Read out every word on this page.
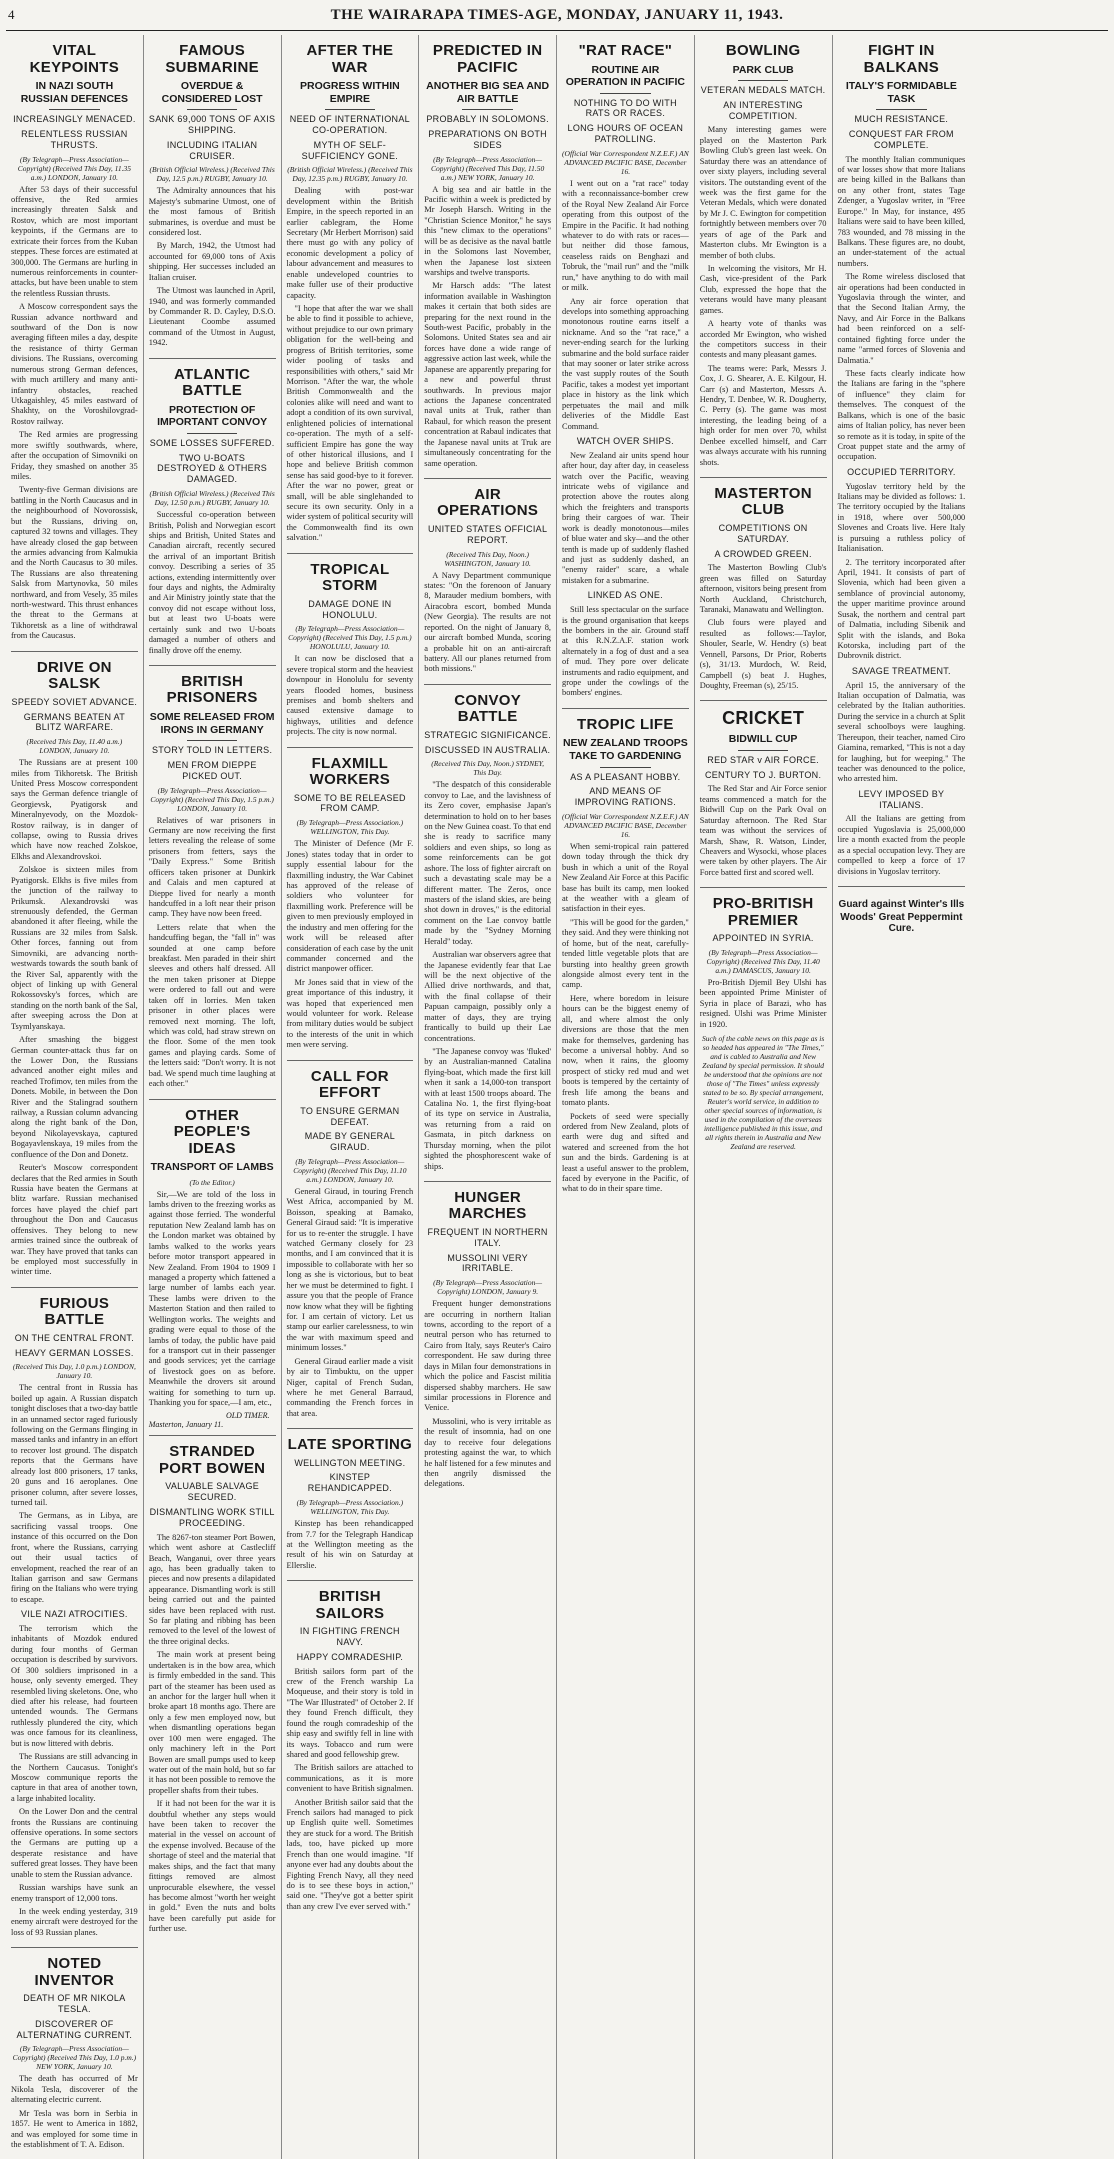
4	THE WAIRARAPA TIMES-AGE, MONDAY, JANUARY 11, 1943.
VITAL KEYPOINTS
IN NAZI SOUTH RUSSIAN DEFENCES
INCREASINGLY MENACED.
RELENTLESS RUSSIAN THRUSTS.
(By Telegraph—Press Association—Copyright) (Received This Day, 11.35 a.m.) LONDON, January 10.

After 53 days of their successful offensive, the Red armies increasingly threaten Salsk and Rostov, which are most important keypoints, if the Germans are to extricate their forces from the Kuban steppes. These forces are estimated at 300,000. The Germans are hurling in numerous reinforcements in counter-attacks, but have been unable to stem the relentless Russian thrusts.

A Moscow correspondent says the Russian advance northward and southward of the Don is now averaging fifteen miles a day, despite the resistance of thirty German divisions. The Russians, overcoming numerous strong German defences, with much artillery and many anti-infantry obstacles, reached Utkagaishley, 45 miles eastward of Shakhty, on the Voroshilovgrad-Rostov railway.

The Red armies are progressing more swiftly southwards, where, after the occupation of Simovniki on Friday, they smashed on another 35 miles.

Twenty-five German divisions are battling in the North Caucasus and in the neighbourhood of Novorossisk, but the Russians, driving on, captured 32 towns and villages. They have already closed the gap between the armies advancing from Kalmukia and the North Caucasus to 30 miles. The Russians are also threatening Salsk from Martynovka, 50 miles northward, and from Vesely, 35 miles north-westward. This thrust enhances the threat to the Germans at Tikhoretsk as a line of withdrawal from the Caucasus.

DRIVE ON SALSK
SPEEDY SOVIET ADVANCE.
GERMANS BEATEN AT BLITZ WARFARE.
(Received This Day, 11.40 a.m.) LONDON, January 10.

The Russians are at present 100 miles from Tikhoretsk. The British United Press Moscow correspondent says the German defence triangle of Georgievsk, Pyatigorsk and Mineralnyevody, on the Mozdok-Rostov railway, is in danger of collapse, owing to Russia drives which have now reached Zolskoe, Elkhs and Alexandrovskoi.

Zolskoe is sixteen miles from Pyatigorsk. Elkhs is five miles from the junction of the railway to Prikumsk. Alexandrovski was strenuously defended, the German abandoned it after fleeing, while the Russians are 32 miles from Salsk. Other forces, fanning out from Simovniki, are advancing north-westwards towards the south bank of the River Sal, apparently with the object of linking up with General Rokossovsky's forces, which are standing on the north bank of the Sal, after sweeping across the Don at Tsymlyanskaya.

After smashing the biggest German counter-attack thus far on the Lower Don, the Russians advanced another eight miles and reached Trofimov, ten miles from the Donets. Mobile, in between the Don River and the Stalingrad southern railway, a Russian column advancing along the right bank of the Don, beyond Nikolayevskaya, captured Bogayavlenskaya, 19 miles from the confluence of the Don and Donetz.

Reuter's Moscow correspondent declares that the Red armies in South Russia have beaten the Germans at blitz warfare. Russian mechanised forces have played the chief part throughout the Don and Caucasus offensives. They belong to new armies trained since the outbreak of war. They have proved that tanks can be employed most successfully in winter time.

FURIOUS BATTLE
ON THE CENTRAL FRONT.
HEAVY GERMAN LOSSES.
(Received This Day, 1.0 p.m.) LONDON, January 10.

The central front in Russia has boiled up again. A Russian dispatch tonight discloses that a two-day battle in an unnamed sector raged furiously following on the Germans flinging in massed tanks and infantry in an effort to recover lost ground. The dispatch reports that the Germans have already lost 800 prisoners, 17 tanks, 20 guns and 16 aeroplanes. One prisoner column, after severe losses, turned tail.

The Germans, as in Libya, are sacrificing vassal troops. One instance of this occurred on the Don front, where the Russians, carrying out their usual tactics of envelopment, reached the rear of an Italian garrison and saw Germans firing on the Italians who were trying to escape.

VILE NAZI ATROCITIES.

The terrorism which the inhabitants of Mozdok endured during four months of German occupation is described by survivors. Of 300 soldiers imprisoned in a house, only seventy emerged. They resembled living skeletons. One, who died after his release, had fourteen untended wounds. The Germans ruthlessly plundered the city, which was once famous for its cleanliness, but is now littered with debris.

The Russians are still advancing in the Northern Caucasus. Tonight's Moscow communique reports the capture in that area of another town, a large inhabited locality.

On the Lower Don and the central fronts the Russians are continuing offensive operations. In some sectors the Germans are putting up a desperate resistance and have suffered great losses. They have been unable to stem the Russian advance.

Russian warships have sunk an enemy transport of 12,000 tons.

In the week ending yesterday, 319 enemy aircraft were destroyed for the loss of 93 Russian planes.

NOTED INVENTOR
DEATH OF MR NIKOLA TESLA.
DISCOVERER OF ALTERNATING CURRENT.
(By Telegraph—Press Association—Copyright) (Received This Day, 1.0 p.m.) NEW YORK, January 10.

The death has occurred of Mr Nikola Tesla, discoverer of the alternating electric current.

Mr Tesla was born in Serbia in 1857. He went to America in 1882, and was employed for some time in the establishment of T. A. Edison.

FAMOUS SUBMARINE
OVERDUE & CONSIDERED LOST
SANK 69,000 TONS OF AXIS SHIPPING.
INCLUDING ITALIAN CRUISER.
(British Official Wireless.) (Received This Day, 12.5 p.m.) RUGBY, January 10.

The Admiralty announces that his Majesty's submarine Utmost, one of the most famous of British submarines, is overdue and must be considered lost.

By March, 1942, the Utmost had accounted for 69,000 tons of Axis shipping. Her successes included an Italian cruiser.

The Utmost was launched in April, 1940, and was formerly commanded by Commander R. D. Cayley, D.S.O. Lieutenant Coombe assumed command of the Utmost in August, 1942.

ATLANTIC BATTLE
PROTECTION OF IMPORTANT CONVOY
SOME LOSSES SUFFERED.
TWO U-BOATS DESTROYED & OTHERS DAMAGED.
(British Official Wireless.) (Received This Day, 12.50 p.m.) RUGBY, January 10.

Successful co-operation between British, Polish and Norwegian escort ships and British, United States and Canadian aircraft, recently secured the arrival of an important British convoy. Describing a series of 35 actions, extending intermittently over four days and nights, the Admiralty and Air Ministry jointly state that the convoy did not escape without loss, but at least two U-boats were certainly sunk and two U-boats damaged a number of others and finally drove off the enemy.

BRITISH PRISONERS
SOME RELEASED FROM IRONS IN GERMANY
STORY TOLD IN LETTERS.
MEN FROM DIEPPE PICKED OUT.
(By Telegraph—Press Association—Copyright) (Received This Day, 1.5 p.m.) LONDON, January 10.

Relatives of war prisoners in Germany are now receiving the first letters revealing the release of some prisoners from fetters, says the "Daily Express." Some British officers taken prisoner at Dunkirk and Calais and men captured at Dieppe lived for nearly a month handcuffed in a loft near their prison camp. They have now been freed.

Letters relate that when the handcuffing began, the "fall in" was sounded at one camp before breakfast. Men paraded in their shirt sleeves and others half dressed. All the men taken prisoner at Dieppe were ordered to fall out and were taken off in lorries. Men taken prisoner in other places were removed next morning. The loft, which was cold, had straw strewn on the floor. Some of the men took games and playing cards. Some of the letters said: "Don't worry. It is not bad. We spend much time laughing at each other."

OTHER PEOPLE'S IDEAS
TRANSPORT OF LAMBS
(To the Editor.)

Sir,—We are told of the loss in lambs driven to the freezing works as against those ferried. The wonderful reputation New Zealand lamb has on the London market was obtained by lambs walked to the works years before motor transport appeared in New Zealand. From 1904 to 1909 I managed a property which fattened a large number of lambs each year. These lambs were driven to the Masterton Station and then railed to Wellington works. The weights and grading were equal to those of the lambs of today, the public have paid for a transport cut in their passenger and goods services; yet the carriage of livestock goes on as before. Meanwhile the drovers sit around waiting for something to turn up. Thanking you for space,—I am, etc.,

OLD TIMER.
Masterton, January 11.
STRANDED PORT BOWEN
VALUABLE SALVAGE SECURED.
DISMANTLING WORK STILL PROCEEDING.

The 8267-ton steamer Port Bowen, which went ashore at Castlecliff Beach, Wanganui, over three years ago, has been gradually taken to pieces and now presents a dilapidated appearance. Dismantling work is still being carried out and the painted sides have been replaced with rust. So far plating and ribbing has been removed to the level of the lowest of the three original decks.

The main work at present being undertaken is in the bow area, which is firmly embedded in the sand. This part of the steamer has been used as an anchor for the larger hull when it broke apart 18 months ago. There are only a few men employed now, but when dismantling operations began over 100 men were engaged. The only machinery left in the Port Bowen are small pumps used to keep water out of the main hold, but so far it has not been possible to remove the propeller shafts from their tubes.

If it had not been for the war it is doubtful whether any steps would have been taken to recover the material in the vessel on account of the expense involved. Because of the shortage of steel and the material that makes ships, and the fact that many fittings removed are almost unprocurable elsewhere, the vessel has become almost "worth her weight in gold." Even the nuts and bolts have been carefully put aside for further use.

AFTER THE WAR
PROGRESS WITHIN EMPIRE
NEED OF INTERNATIONAL CO-OPERATION.
MYTH OF SELF-SUFFICIENCY GONE.
(British Official Wireless.) (Received This Day, 12.35 p.m.) RUGBY, January 10.

Dealing with post-war development within the British Empire, in the speech reported in an earlier cablegram, the Home Secretary (Mr Herbert Morrison) said there must go with any policy of economic development a policy of labour advancement and measures to enable undeveloped countries to make fuller use of their productive capacity.

"I hope that after the war we shall be able to find it possible to achieve, without prejudice to our own primary obligation for the well-being and progress of British territories, some wider pooling of tasks and responsibilities with others," said Mr Morrison. "After the war, the whole British Commonwealth and the colonies alike will need and want to adopt a condition of its own survival, enlightened policies of international co-operation. The myth of a self-sufficient Empire has gone the way of other historical illusions, and I hope and believe British common sense has said good-bye to it forever. After the war no power, great or small, will be able singlehanded to secure its own security. Only in a wider system of political security will the Commonwealth find its own salvation."

TROPICAL STORM
DAMAGE DONE IN HONOLULU.
(By Telegraph—Press Association—Copyright) (Received This Day, 1.5 p.m.) HONOLULU, January 10.

It can now be disclosed that a severe tropical storm and the heaviest downpour in Honolulu for seventy years flooded homes, business premises and bomb shelters and caused extensive damage to highways, utilities and defence projects. The city is now normal.

FLAXMILL WORKERS
SOME TO BE RELEASED FROM CAMP.
(By Telegraph—Press Association.) WELLINGTON, This Day.

The Minister of Defence (Mr F. Jones) states today that in order to supply essential labour for the flaxmilling industry, the War Cabinet has approved of the release of soldiers who volunteer for flaxmilling work. Preference will be given to men previously employed in the industry and men offering for the work will be released after consideration of each case by the unit commander concerned and the district manpower officer.

Mr Jones said that in view of the great importance of this industry, it was hoped that experienced men would volunteer for work. Release from military duties would be subject to the interests of the unit in which men were serving.

CALL FOR EFFORT
TO ENSURE GERMAN DEFEAT.
MADE BY GENERAL GIRAUD.
(By Telegraph—Press Association—Copyright) (Received This Day, 11.10 a.m.) LONDON, January 10.

General Giraud, in touring French West Africa, accompanied by M. Boisson, speaking at Bamako, General Giraud said: "It is imperative for us to re-enter the struggle. I have watched Germany closely for 23 months, and I am convinced that it is impossible to collaborate with her so long as she is victorious, but to beat her we must be determined to fight. I assure you that the people of France now know what they will be fighting for. I am certain of victory. Let us stamp our earlier carelessness, to win the war with maximum speed and minimum losses."

General Giraud earlier made a visit by air to Timbuktu, on the upper Niger, capital of French Sudan, where he met General Barraud, commanding the French forces in that area.

LATE SPORTING
WELLINGTON MEETING.
KINSTEP REHANDICAPPED.
(By Telegraph—Press Association.) WELLINGTON, This Day.

Kinstep has been rehandicapped from 7.7 for the Telegraph Handicap at the Wellington meeting as the result of his win on Saturday at Ellerslie.

BRITISH SAILORS
IN FIGHTING FRENCH NAVY.
HAPPY COMRADESHIP.

British sailors form part of the crew of the French warship La Moqueuse, and their story is told in "The War Illustrated" of October 2. If they found French difficult, they found the rough comradeship of the ship easy and swiftly fell in line with its ways. Tobacco and rum were shared and good fellowship grew.

The British sailors are attached to communications, as it is more convenient to have British signalmen.

Another British sailor said that the French sailors had managed to pick up English quite well. Sometimes they are stuck for a word. The British lads, too, have picked up more French than one would imagine. "If anyone ever had any doubts about the Fighting French Navy, all they need do is to see these boys in action," said one. "They've got a better spirit than any crew I've ever served with."

PREDICTED IN PACIFIC
ANOTHER BIG SEA AND AIR BATTLE
PROBABLY IN SOLOMONS.
PREPARATIONS ON BOTH SIDES
(By Telegraph—Press Association—Copyright) (Received This Day, 11.50 a.m.) NEW YORK, January 10.

A big sea and air battle in the Pacific within a week is predicted by Mr Joseph Harsch. Writing in the "Christian Science Monitor," he says this "new climax to the operations" will be as decisive as the naval battle in the Solomons last November, when the Japanese lost sixteen warships and twelve transports.

Mr Harsch adds: "The latest information available in Washington makes it certain that both sides are preparing for the next round in the South-west Pacific, probably in the Solomons. United States sea and air forces have done a wide range of aggressive action last week, while the Japanese are apparently preparing for a new and powerful thrust southwards. In previous major actions the Japanese concentrated naval units at Truk, rather than Rabaul, for which reason the present concentration at Rabaul indicates that the Japanese naval units at Truk are simultaneously concentrating for the same operation.

AIR OPERATIONS
UNITED STATES OFFICIAL REPORT.
(Received This Day, Noon.) WASHINGTON, January 10.

A Navy Department communique states: "On the forenoon of January 8, Marauder medium bombers, with Airacobra escort, bombed Munda (New Georgia). The results are not reported. On the night of January 8, our aircraft bombed Munda, scoring a probable hit on an anti-aircraft battery. All our planes returned from both missions."

CONVOY BATTLE
STRATEGIC SIGNIFICANCE.
DISCUSSED IN AUSTRALIA.
(Received This Day, Noon.) SYDNEY, This Day.

"The despatch of this considerable convoy to Lae, and the lavishness of its Zero cover, emphasise Japan's determination to hold on to her bases on the New Guinea coast. To that end she is ready to sacrifice many soldiers and even ships, so long as some reinforcements can be got ashore. The loss of fighter aircraft on such a devastating scale may be a different matter. The Zeros, once masters of the island skies, are being shot down in droves," is the editorial comment on the Lae convoy battle made by the "Sydney Morning Herald" today.

Australian war observers agree that the Japanese evidently fear that Lae will be the next objective of the Allied drive northwards, and that, with the final collapse of their Papuan campaign, possibly only a matter of days, they are trying frantically to build up their Lae concentrations.

"The Japanese convoy was 'fluked' by an Australian-manned Catalina flying-boat, which made the first kill when it sank a 14,000-ton transport with at least 1500 troops aboard. The Catalina No. 1, the first flying-boat of its type on service in Australia, was returning from a raid on Gasmata, in pitch darkness on Thursday morning, when the pilot sighted the phosphorescent wake of ships.

HUNGER MARCHES
FREQUENT IN NORTHERN ITALY.
MUSSOLINI VERY IRRITABLE.
(By Telegraph—Press Association—Copyright) LONDON, January 9.

Frequent hunger demonstrations are occurring in northern Italian towns, according to the report of a neutral person who has returned to Cairo from Italy, says Reuter's Cairo correspondent. He saw during three days in Milan four demonstrations in which the police and Fascist militia dispersed shabby marchers. He saw similar processions in Florence and Venice.

Mussolini, who is very irritable as the result of insomnia, had on one day to receive four delegations protesting against the war, to which he half listened for a few minutes and then angrily dismissed the delegations.

"RAT RACE"
ROUTINE AIR OPERATION IN PACIFIC
NOTHING TO DO WITH RATS OR RACES.
LONG HOURS OF OCEAN PATROLLING.
(Official War Correspondent N.Z.E.F.) AN ADVANCED PACIFIC BASE, December 16.

I went out on a "rat race" today with a reconnaissance-bomber crew of the Royal New Zealand Air Force operating from this outpost of the Empire in the Pacific. It had nothing whatever to do with rats or races—but neither did those famous, ceaseless raids on Benghazi and Tobruk, the "mail run" and the "milk run," have anything to do with mail or milk.

Any air force operation that develops into something approaching monotonous routine earns itself a nickname. And so the "rat race," a never-ending search for the lurking submarine and the bold surface raider that may sooner or later strike across the vast supply routes of the South Pacific, takes a modest yet important place in history as the link which perpetuates the mail and milk deliveries of the Middle East Command.

WATCH OVER SHIPS.

New Zealand air units spend hour after hour, day after day, in ceaseless watch over the Pacific, weaving intricate webs of vigilance and protection above the routes along which the freighters and transports bring their cargoes of war. Their work is deadly monotonous—miles of blue water and sky—and the other tenth is made up of suddenly flashed and just as suddenly dashed, an "enemy raider" scare, a whale mistaken for a submarine.

LINKED AS ONE.

Still less spectacular on the surface is the ground organisation that keeps the bombers in the air. Ground staff at this R.N.Z.A.F. station work alternately in a fog of dust and a sea of mud. They pore over delicate instruments and radio equipment, and grope under the cowlings of the bombers' engines.

TROPIC LIFE
NEW ZEALAND TROOPS TAKE TO GARDENING
AS A PLEASANT HOBBY.
AND MEANS OF IMPROVING RATIONS.
(Official War Correspondent N.Z.E.F.) AN ADVANCED PACIFIC BASE, December 16.

When semi-tropical rain pattered down today through the thick dry bush in which a unit of the Royal New Zealand Air Force at this Pacific base has built its camp, men looked at the weather with a gleam of satisfaction in their eyes.

"This will be good for the garden," they said. And they were thinking not of home, but of the neat, carefully-tended little vegetable plots that are bursting into healthy green growth alongside almost every tent in the camp.

Here, where boredom in leisure hours can be the biggest enemy of all, and where almost the only diversions are those that the men make for themselves, gardening has become a universal hobby. And so now, when it rains, the gloomy prospect of sticky red mud and wet boots is tempered by the certainty of fresh life among the beans and tomato plants.

Pockets of seed were specially ordered from New Zealand, plots of earth were dug and sifted and watered and screened from the hot sun and the birds. Gardening is at least a useful answer to the problem, faced by everyone in the Pacific, of what to do in their spare time.

BOWLING
PARK CLUB
VETERAN MEDALS MATCH.
AN INTERESTING COMPETITION.

Many interesting games were played on the Masterton Park Bowling Club's green last week. On Saturday there was an attendance of over sixty players, including several visitors. The outstanding event of the week was the first game for the Veteran Medals, which were donated by Mr J. C. Ewington for competition fortnightly between members over 70 years of age of the Park and Masterton clubs. Mr Ewington is a member of both clubs.

In welcoming the visitors, Mr H. Cash, vice-president of the Park Club, expressed the hope that the veterans would have many pleasant games.

A hearty vote of thanks was accorded Mr Ewington, who wished the competitors success in their contests and many pleasant games.

The teams were: Park, Messrs J. Cox, J. G. Shearer, A. E. Kilgour, H. Carr (s) and Masterton, Messrs A. Hendry, T. Denbee, W. R. Dougherty, C. Perry (s). The game was most interesting, the leading being of a high order for men over 70, whilst Denbee excelled himself, and Carr was always accurate with his running shots.

MASTERTON CLUB
COMPETITIONS ON SATURDAY.
A CROWDED GREEN.

The Masterton Bowling Club's green was filled on Saturday afternoon, visitors being present from North Auckland, Christchurch, Taranaki, Manawatu and Wellington.

Club fours were played and resulted as follows:—Taylor, Shouler, Searle, W. Hendry (s) beat Vennell, Parsons, Dr Prior, Roberts (s), 31/13. Murdoch, W. Reid, Campbell (s) beat J. Hughes, Doughty, Freeman (s), 25/15.

CRICKET
BIDWILL CUP
RED STAR v AIR FORCE.
CENTURY TO J. BURTON.

The Red Star and Air Force senior teams commenced a match for the Bidwill Cup on the Park Oval on Saturday afternoon. The Red Star team was without the services of Marsh, Shaw, R. Watson, Linder, Cheavers and Wysocki, whose places were taken by other players. The Air Force batted first and scored well.

PRO-BRITISH PREMIER
APPOINTED IN SYRIA.
(By Telegraph—Press Association—Copyright) (Received This Day, 11.40 a.m.) DAMASCUS, January 10.

Pro-British Djemil Bey Ulshi has been appointed Prime Minister of Syria in place of Barazi, who has resigned. Ulshi was Prime Minister in 1920.

Such of the cable news on this page as is so headed has appeared in "The Times," and is cabled to Australia and New Zealand by special permission. It should be understood that the opinions are not those of "The Times" unless expressly stated to be so. By special arrangement, Reuter's world service, in addition to other special sources of information, is used in the compilation of the overseas intelligence published in this issue, and all rights therein in Australia and New Zealand are reserved.
FIGHT IN BALKANS
ITALY'S FORMIDABLE TASK
MUCH RESISTANCE.
CONQUEST FAR FROM COMPLETE.

The monthly Italian communiques of war losses show that more Italians are being killed in the Balkans than on any other front, states Tage Zdenger, a Yugoslav writer, in "Free Europe." In May, for instance, 495 Italians were said to have been killed, 783 wounded, and 78 missing in the Balkans. These figures are, no doubt, an under-statement of the actual numbers.

The Rome wireless disclosed that air operations had been conducted in Yugoslavia through the winter, and that the Second Italian Army, the Navy, and Air Force in the Balkans had been reinforced on a self-contained fighting force under the name "armed forces of Slovenia and Dalmatia."

These facts clearly indicate how the Italians are faring in the "sphere of influence" they claim for themselves. The conquest of the Balkans, which is one of the basic aims of Italian policy, has never been so remote as it is today, in spite of the Croat puppet state and the army of occupation.

OCCUPIED TERRITORY.

Yugoslav territory held by the Italians may be divided as follows: 1. The territory occupied by the Italians in 1918, where over 500,000 Slovenes and Croats live. Here Italy is pursuing a ruthless policy of Italianisation.

2. The territory incorporated after April, 1941. It consists of part of Slovenia, which had been given a semblance of provincial autonomy, the upper maritime province around Susak, the northern and central part of Dalmatia, including Sibenik and Split with the islands, and Boka Kotorska, including part of the Dubrovnik district.

SAVAGE TREATMENT.

April 15, the anniversary of the Italian occupation of Dalmatia, was celebrated by the Italian authorities. During the service in a church at Split several schoolboys were laughing. Thereupon, their teacher, named Ciro Giamina, remarked, "This is not a day for laughing, but for weeping." The teacher was denounced to the police, who arrested him.

LEVY IMPOSED BY ITALIANS.

All the Italians are getting from occupied Yugoslavia is 25,000,000 lire a month exacted from the people as a special occupation levy. They are compelled to keep a force of 17 divisions in Yugoslav territory.

Guard against Winter's Ills
Woods' Great Peppermint Cure.
